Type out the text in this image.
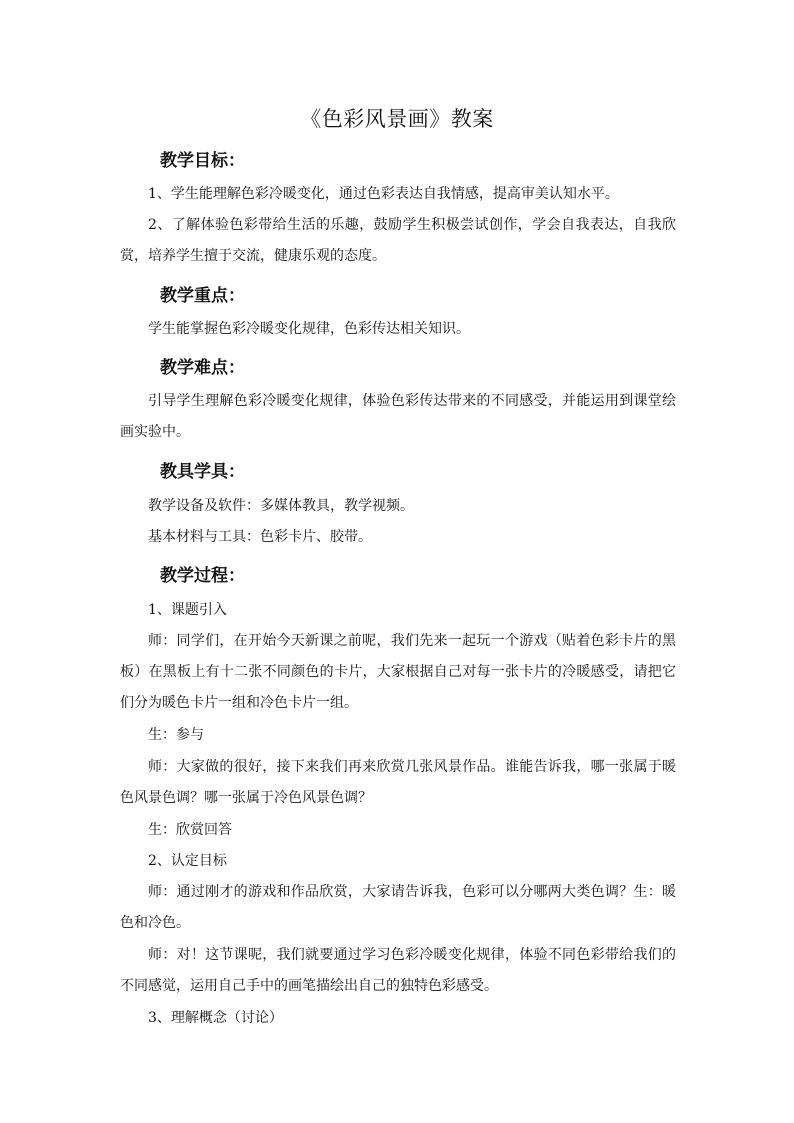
《色彩风景画》教案
教学目标：
1、学生能理解色彩冷暖变化，通过色彩表达自我情感，提高审美认知水平。
2、了解体验色彩带给生活的乐趣，鼓励学生积极尝试创作，学会自我表达，自我欣赏，培养学生擅于交流，健康乐观的态度。
教学重点：
学生能掌握色彩冷暖变化规律，色彩传达相关知识。
教学难点：
引导学生理解色彩冷暖变化规律，体验色彩传达带来的不同感受，并能运用到课堂绘画实验中。
教具学具：
教学设备及软件：多媒体教具，教学视频。
基本材料与工具：色彩卡片、胶带。
教学过程：
1、课题引入
师：同学们，在开始今天新课之前呢，我们先来一起玩一个游戏（贴着色彩卡片的黑板）在黑板上有十二张不同颜色的卡片，大家根据自己对每一张卡片的冷暖感受，请把它们分为暖色卡片一组和冷色卡片一组。
生：参与
师：大家做的很好，接下来我们再来欣赏几张风景作品。谁能告诉我，哪一张属于暖色风景色调？哪一张属于冷色风景色调？
生：欣赏回答
2、认定目标
师：通过刚才的游戏和作品欣赏，大家请告诉我，色彩可以分哪两大类色调？生：暖色和冷色。
师：对！这节课呢，我们就要通过学习色彩冷暖变化规律，体验不同色彩带给我们的不同感觉，运用自己手中的画笔描绘出自己的独特色彩感受。
3、理解概念（讨论）
